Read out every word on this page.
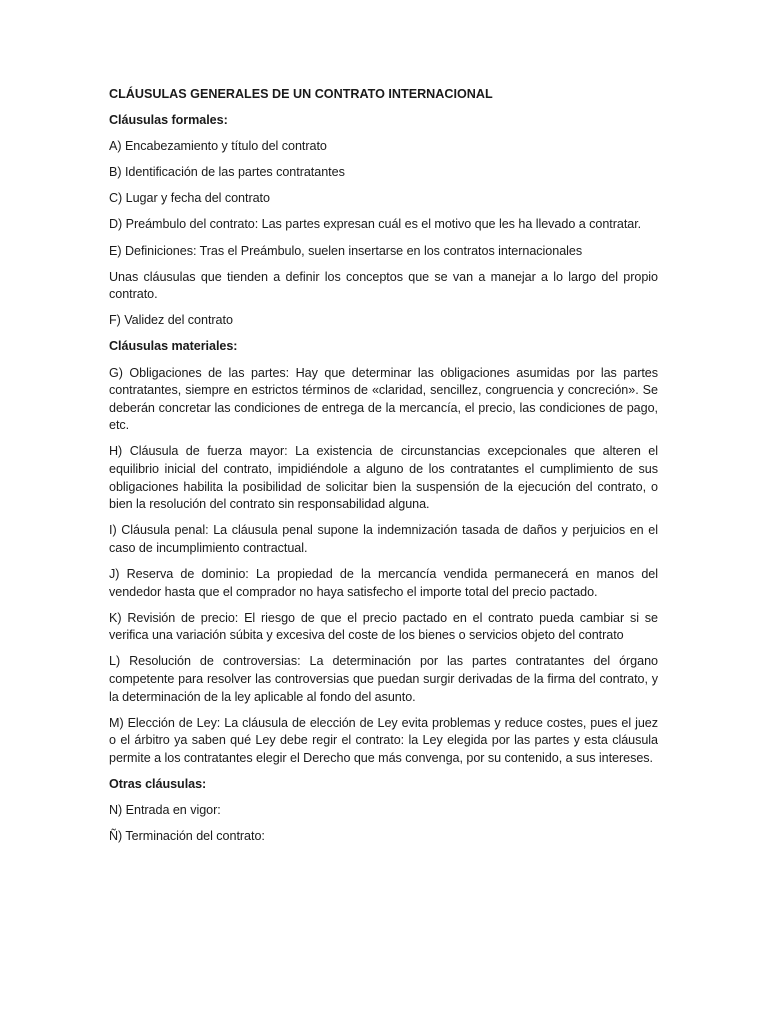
CLÁUSULAS GENERALES DE UN CONTRATO INTERNACIONAL

Cláusulas formales:

A) Encabezamiento y título del contrato

B) Identificación de las partes contratantes

C) Lugar y fecha del contrato

D) Preámbulo del contrato: Las partes expresan cuál es el motivo que les ha llevado a contratar.

E) Definiciones: Tras el Preámbulo, suelen insertarse en los contratos internacionales

Unas cláusulas que tienden a definir los conceptos que se van a manejar a lo largo del propio contrato.

F) Validez del contrato

Cláusulas materiales:

G) Obligaciones de las partes: Hay que determinar las obligaciones asumidas por las partes contratantes, siempre en estrictos términos de «claridad, sencillez, congruencia y concreción». Se deberán concretar las condiciones de entrega de la mercancía, el precio, las condiciones de pago, etc.

H) Cláusula de fuerza mayor: La existencia de circunstancias excepcionales que alteren el equilibrio inicial del contrato, impidiéndole a alguno de los contratantes el cumplimiento de sus obligaciones habilita la posibilidad de solicitar bien la suspensión de la ejecución del contrato, o bien la resolución del contrato sin responsabilidad alguna.

I) Cláusula penal: La cláusula penal supone la indemnización tasada de daños y perjuicios en el caso de incumplimiento contractual.

J) Reserva de dominio: La propiedad de la mercancía vendida permanecerá en manos del vendedor hasta que el comprador no haya satisfecho el importe total del precio pactado.

K) Revisión de precio: El riesgo de que el precio pactado en el contrato pueda cambiar si se verifica una variación súbita y excesiva del coste de los bienes o servicios objeto del contrato

L) Resolución de controversias: La determinación por las partes contratantes del órgano competente para resolver las controversias que puedan surgir derivadas de la firma del contrato, y la determinación de la ley aplicable al fondo del asunto.

M) Elección de Ley: La cláusula de elección de Ley evita problemas y reduce costes, pues el juez o el árbitro ya saben qué Ley debe regir el contrato: la Ley elegida por las partes y esta cláusula permite a los contratantes elegir el Derecho que más convenga, por su contenido, a sus intereses.

Otras cláusulas:

N) Entrada en vigor:

Ñ) Terminación del contrato:
